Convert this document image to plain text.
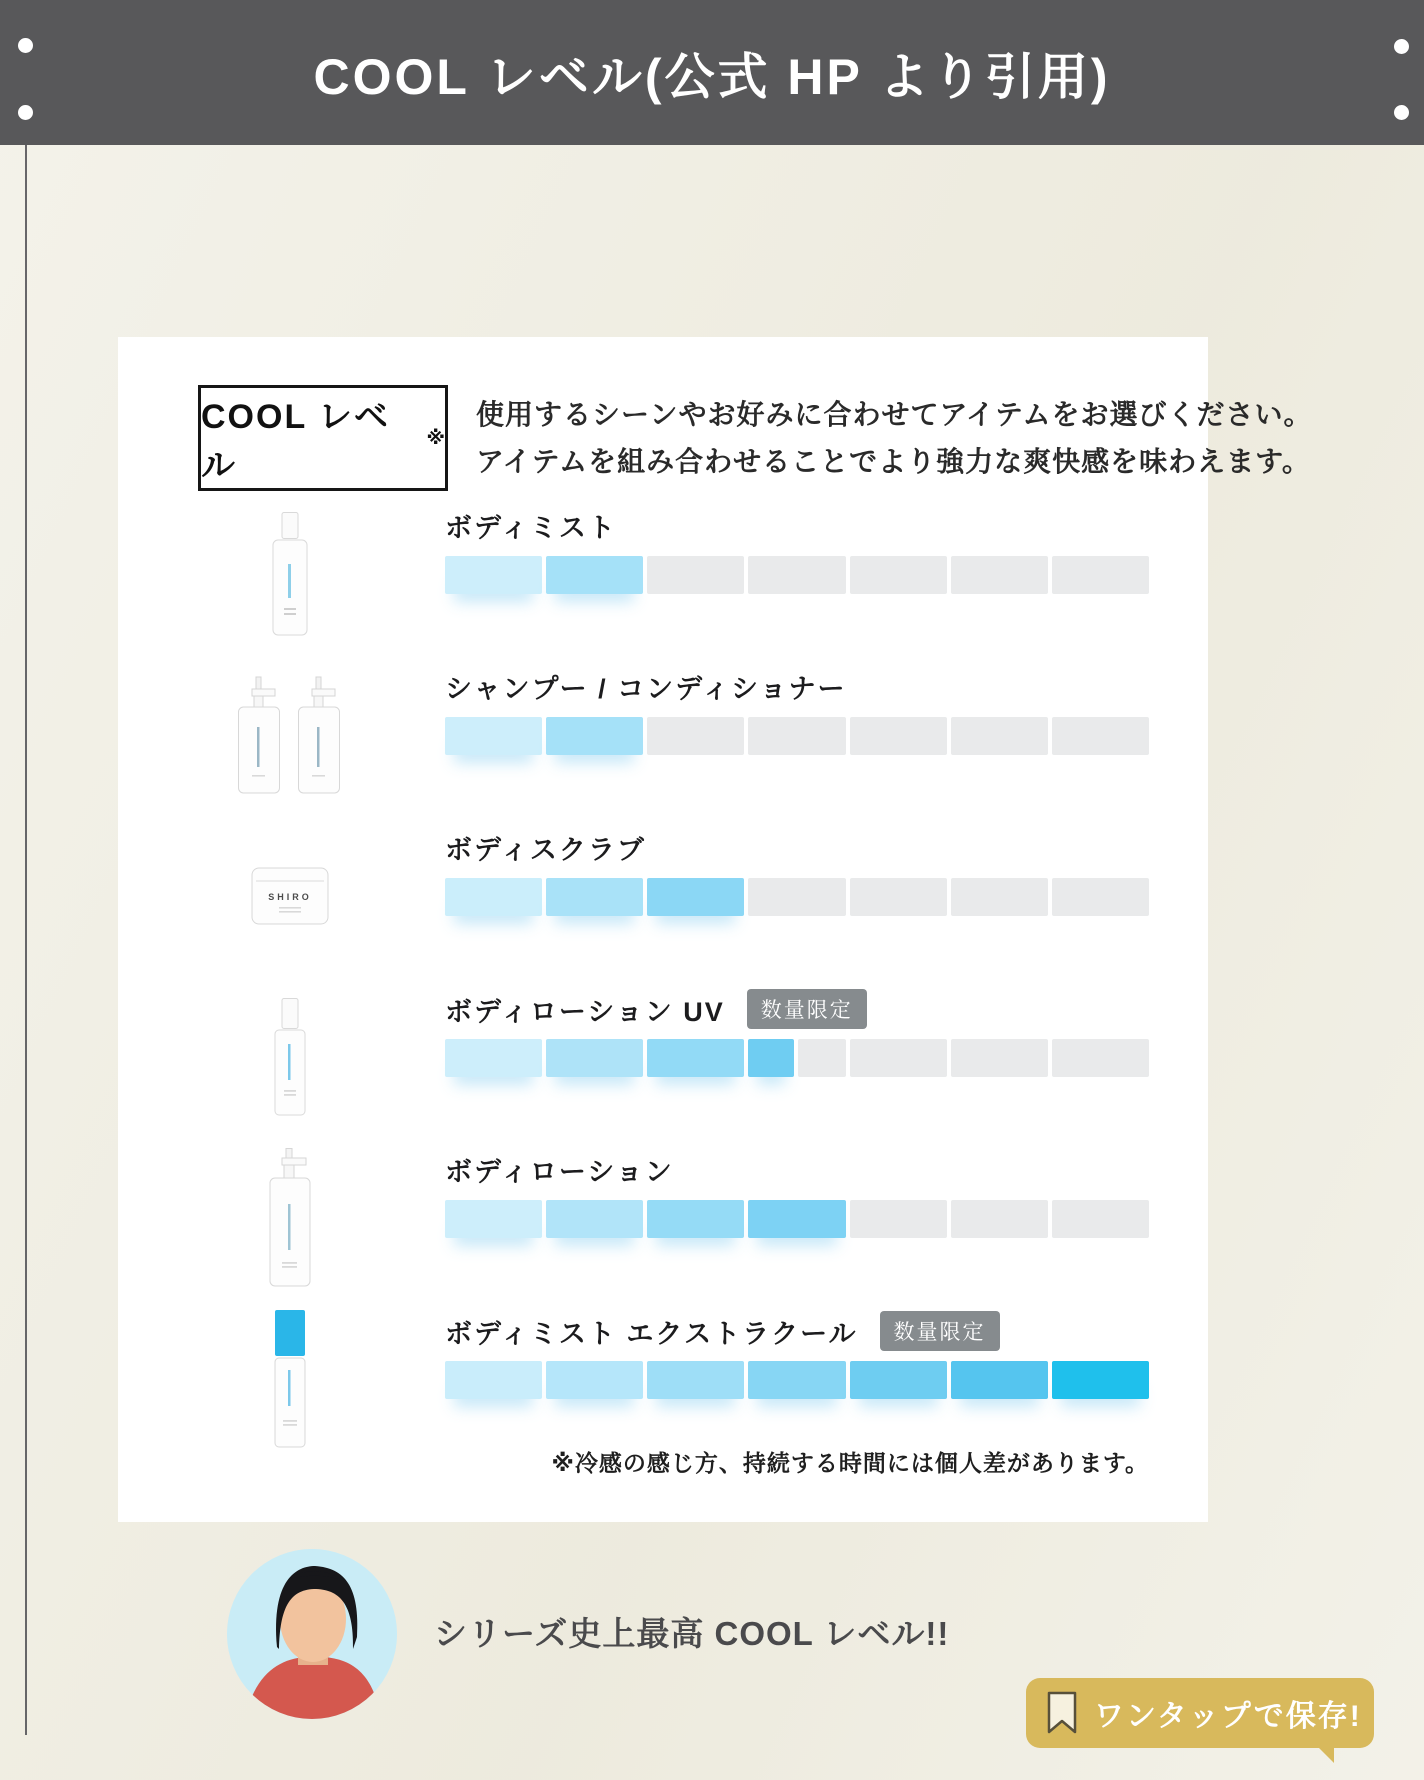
COOL レベル(公式 HP より引用)
COOL レベル
※
使用するシーンやお好みに合わせてアイテムをお選びください。
アイテムを組み合わせることでより強力な爽快感を味わえます。
ボディミスト
シャンプー / コンディショナー
SHIRO
ボディスクラブ
ボディローション UV	数量限定
ボディローション
ボディミスト エクストラクール	数量限定
※冷感の感じ方、持続する時間には個人差があります。
シリーズ史上最高 COOL レベル!!
ワンタップで保存!
